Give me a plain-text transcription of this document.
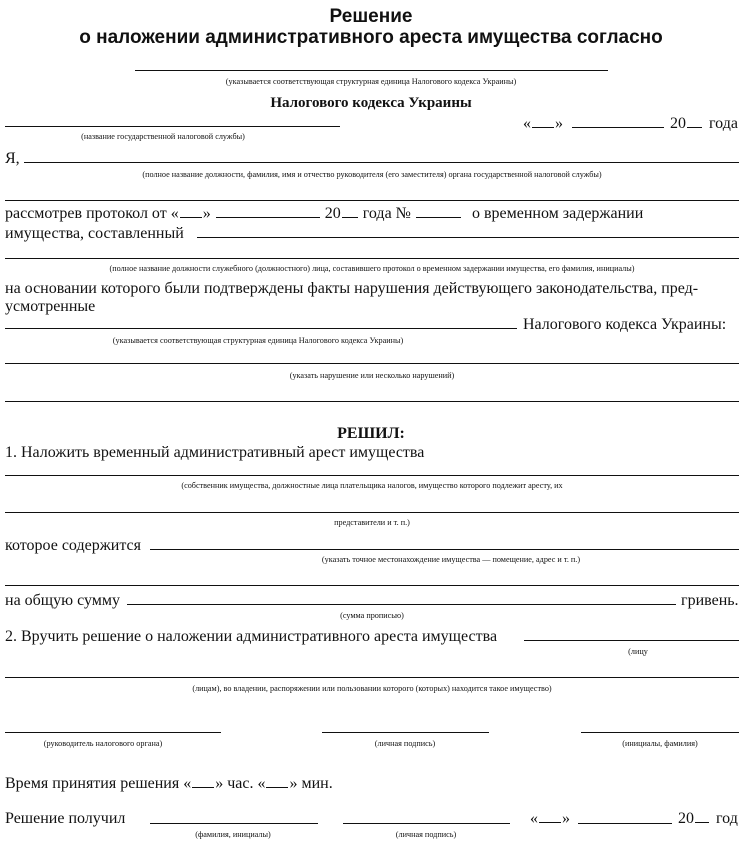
Решение
о наложении административного ареста имущества согласно
(указывается соответствующая структурная единица Налогового кодекса Украины)
Налогового кодекса Украины
(название государственной налоговой службы)
« »	20 года
Я,
(полное название должности, фамилия, имя и отчество руководителя (его заместителя) органа государственной налоговой службы)
рассмотрев протокол от « »	20 года №	о временном задержании
имущества, составленный
(полное название должности служебного (должностного) лица, составившего протокол о временном задержании имущества, его фамилия, инициалы)
на основании которого были подтверждены факты нарушения действующего законодательства, пред-
усмотренные
Налогового кодекса Украины:
(указывается соответствующая структурная единица Налогового кодекса Украины)
(указать нарушение или несколько нарушений)
РЕШИЛ:
1. Наложить временный административный арест имущества
(собственник имущества, должностные лица плательщика налогов, имущество которого подлежит аресту, их
представители и т. п.)
которое содержится
(указать точное местонахождение имущества — помещение, адрес и т. п.)
на общую сумму	гривень.
(сумма прописью)
2. Вручить решение о наложении административного ареста имущества
(лицу
(лицам), во владении, распоряжении или пользовании которого (которых) находится такое имущество)
(руководитель налогового органа)	(личная подпись)	(инициалы, фамилия)
Время принятия решения « » час. « » мин.
Решение получил	« »	20 год
(фамилия, инициалы)	(личная подпись)
